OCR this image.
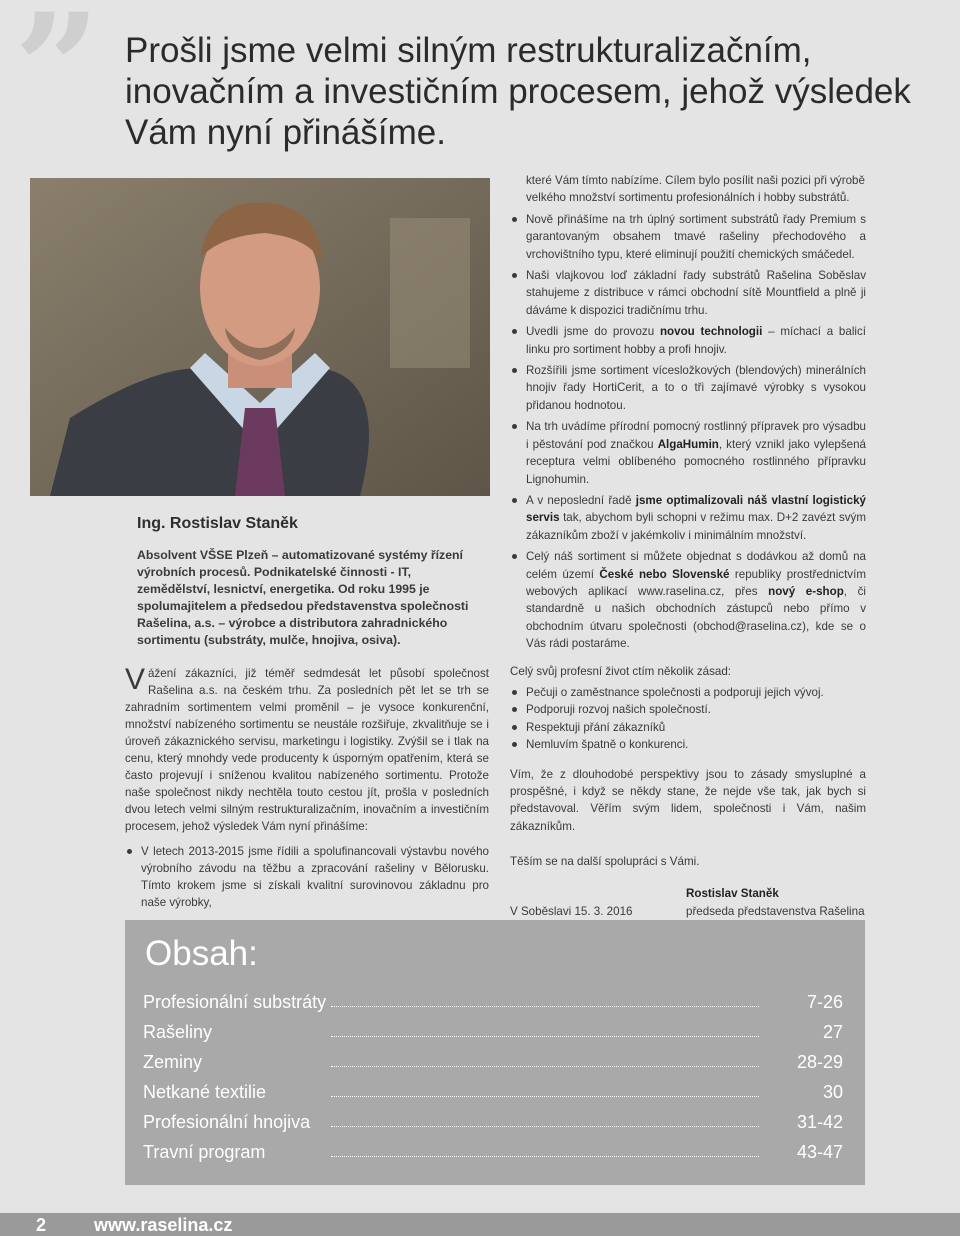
” Prošli jsme velmi silným restrukturalizačním, inovačním a investičním procesem, jehož výsledek Vám nyní přinášíme.
Ing. Rostislav Staněk
Absolvent VŠSE Plzeň – automatizované systémy řízení výrobních procesů. Podnikatelské činnosti - IT, zemědělství, lesnictví, energetika. Od roku 1995 je spolumajitelem a předsedou představenstva společnosti Rašelina, a.s. – výrobce a distributora zahradnického sortimentu (substráty, mulče, hnojiva, osiva).
Vážení zákazníci, již téměř sedmdesát let působí společnost Rašelina a.s. na českém trhu. Za posledních pět let se trh se zahradním sortimentem velmi proměnil – je vysoce konkurenční, množství nabízeného sortimentu se neustále rozšiřuje, zkvalitňuje se i úroveň zákaznického servisu, marketingu i logistiky. Zvýšil se i tlak na cenu, který mnohdy vede producenty k úsporným opatřením, která se často projevují i sníženou kvalitou nabízeného sortimentu. Protože naše společnost nikdy nechtěla touto cestou jít, prošla v posledních dvou letech velmi silným restrukturalizačním, inovačním a investičním procesem, jehož výsledek Vám nyní přinášíme:
V letech 2013-2015 jsme řídili a spolufinancovali výstavbu nového výrobního závodu na těžbu a zpracování rašeliny v Bělorusku. Tímto krokem jsme si získali kvalitní surovinovou základnu pro naše výrobky,
které Vám tímto nabízíme. Cílem bylo posílit naši pozici při výrobě velkého množství sortimentu profesionálních i hobby substrátů.
Nově přinášíme na trh úplný sortiment substrátů řady Premium s garantovaným obsahem tmavé rašeliny přechodového a vrchovištního typu, které eliminují použití chemických smáčedel.
Naši vlajkovou loď základní řady substrátů Rašelina Soběslav stahujeme z distribuce v rámci obchodní sítě Mountfield a plně ji dáváme k dispozici tradičnímu trhu.
Uvedli jsme do provozu novou technologii – míchací a balicí linku pro sortiment hobby a profi hnojiv.
Rozšířili jsme sortiment vícesložkových (blendových) minerálních hnojiv řady HortiCerit, a to o tři zajímavé výrobky s vysokou přidanou hodnotou.
Na trh uvádíme přírodní pomocný rostlinný přípravek pro výsadbu i pěstování pod značkou AlgaHumin, který vznikl jako vylepšená receptura velmi oblíbeného pomocného rostlinného přípravku Lignohumin.
A v neposlední řadě jsme optimalizovali náš vlastní logistický servis tak, abychom byli schopni v režimu max. D+2 zavézt svým zákazníkům zboží v jakémkoliv i minimálním množství.
Celý náš sortiment si můžete objednat s dodávkou až domů na celém území České nebo Slovenské republiky prostřednictvím webových aplikací www.raselina.cz, přes nový e-shop, či standardně u našich obchodních zástupců nebo přímo v obchodním útvaru společnosti (obchod@raselina.cz), kde se o Vás rádi postaráme.

Celý svůj profesní život ctím několik zásad:

Pečuji o zaměstnance společnosti a podporuji jejich vývoj.
Podporuji rozvoj našich společností.
Respektuji přání zákazníků
Nemluvím špatně o konkurenci.

Vím, že z dlouhodobé perspektivy jsou to zásady smysluplné a prospěšné, i když se někdy stane, že nejde vše tak, jak bych si představoval. Věřím svým lidem, společnosti i Vám, našim zákazníkům.

Těším se na další spolupráci s Vámi.

V Soběslavi 15. 3. 2016
Rostislav Staněk
předseda představenstva Rašelina
Obsah:
Profesionální substráty	7-26
Rašeliny	27
Zeminy	28-29
Netkané textilie	30
Profesionální hnojiva	31-42
Travní program	43-47
2	www.raselina.cz
